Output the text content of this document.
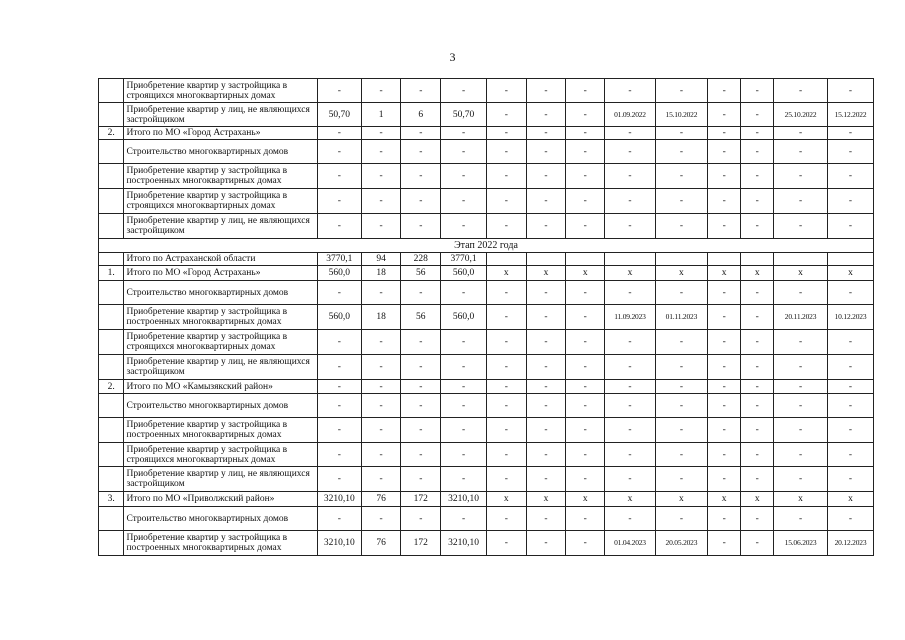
3
	Приобретение квартир у застройщика в строящихся многоквартирных домах	-	-	-	-	-	-	-	-	-	-	-	-	-
	Приобретение квартир у лиц, не являющихся застройщиком	50,70	1	6	50,70	-	-	-	01.09.2022	15.10.2022	-	-	25.10.2022	15.12.2022
2.	Итого по МО «Город Астрахань»	-	-	-	-	-	-	-	-	-	-	-	-	-
	Строительство многоквартирных домов	-	-	-	-	-	-	-	-	-	-	-	-	-
	Приобретение квартир у застройщика в построенных многоквартирных домах	-	-	-	-	-	-	-	-	-	-	-	-	-
	Приобретение квартир у застройщика в строящихся многоквартирных домах	-	-	-	-	-	-	-	-	-	-	-	-	-
	Приобретение квартир у лиц, не являющихся застройщиком	-	-	-	-	-	-	-	-	-	-	-	-	-
Этап 2022 года														
	Итого по Астраханской области	3770,1	94	228	3770,1									
1.	Итого по МО «Город Астрахань»	560,0	18	56	560,0	x	x	x	x	x	x	x	x	x
	Строительство многоквартирных домов	-	-	-	-	-	-	-	-	-	-	-	-	-
	Приобретение квартир у застройщика в построенных многоквартирных домах	560,0	18	56	560,0	-	-	-	11.09.2023	01.11.2023	-	-	20.11.2023	10.12.2023
	Приобретение квартир у застройщика в строящихся многоквартирных домах	-	-	-	-	-	-	-	-	-	-	-	-	-
	Приобретение квартир у лиц, не являющихся застройщиком	-	-	-	-	-	-	-	-	-	-	-	-	-
2.	Итого по МО «Камызякский район»	-	-	-	-	-	-	-	-	-	-	-	-	-
	Строительство многоквартирных домов	-	-	-	-	-	-	-	-	-	-	-	-	-
	Приобретение квартир у застройщика в построенных многоквартирных домах	-	-	-	-	-	-	-	-	-	-	-	-	-
	Приобретение квартир у застройщика в строящихся многоквартирных домах	-	-	-	-	-	-	-	-	-	-	-	-	-
	Приобретение квартир у лиц, не являющихся застройщиком	-	-	-	-	-	-	-	-	-	-	-	-	-
3.	Итого по МО «Приволжский район»	3210,10	76	172	3210,10	x	x	x	x	x	x	x	x	x
	Строительство многоквартирных домов	-	-	-	-	-	-	-	-	-	-	-	-	-
	Приобретение квартир у застройщика в построенных многоквартирных домах	3210,10	76	172	3210,10	-	-	-	01.04.2023	20.05.2023	-	-	15.06.2023	20.12.2023
